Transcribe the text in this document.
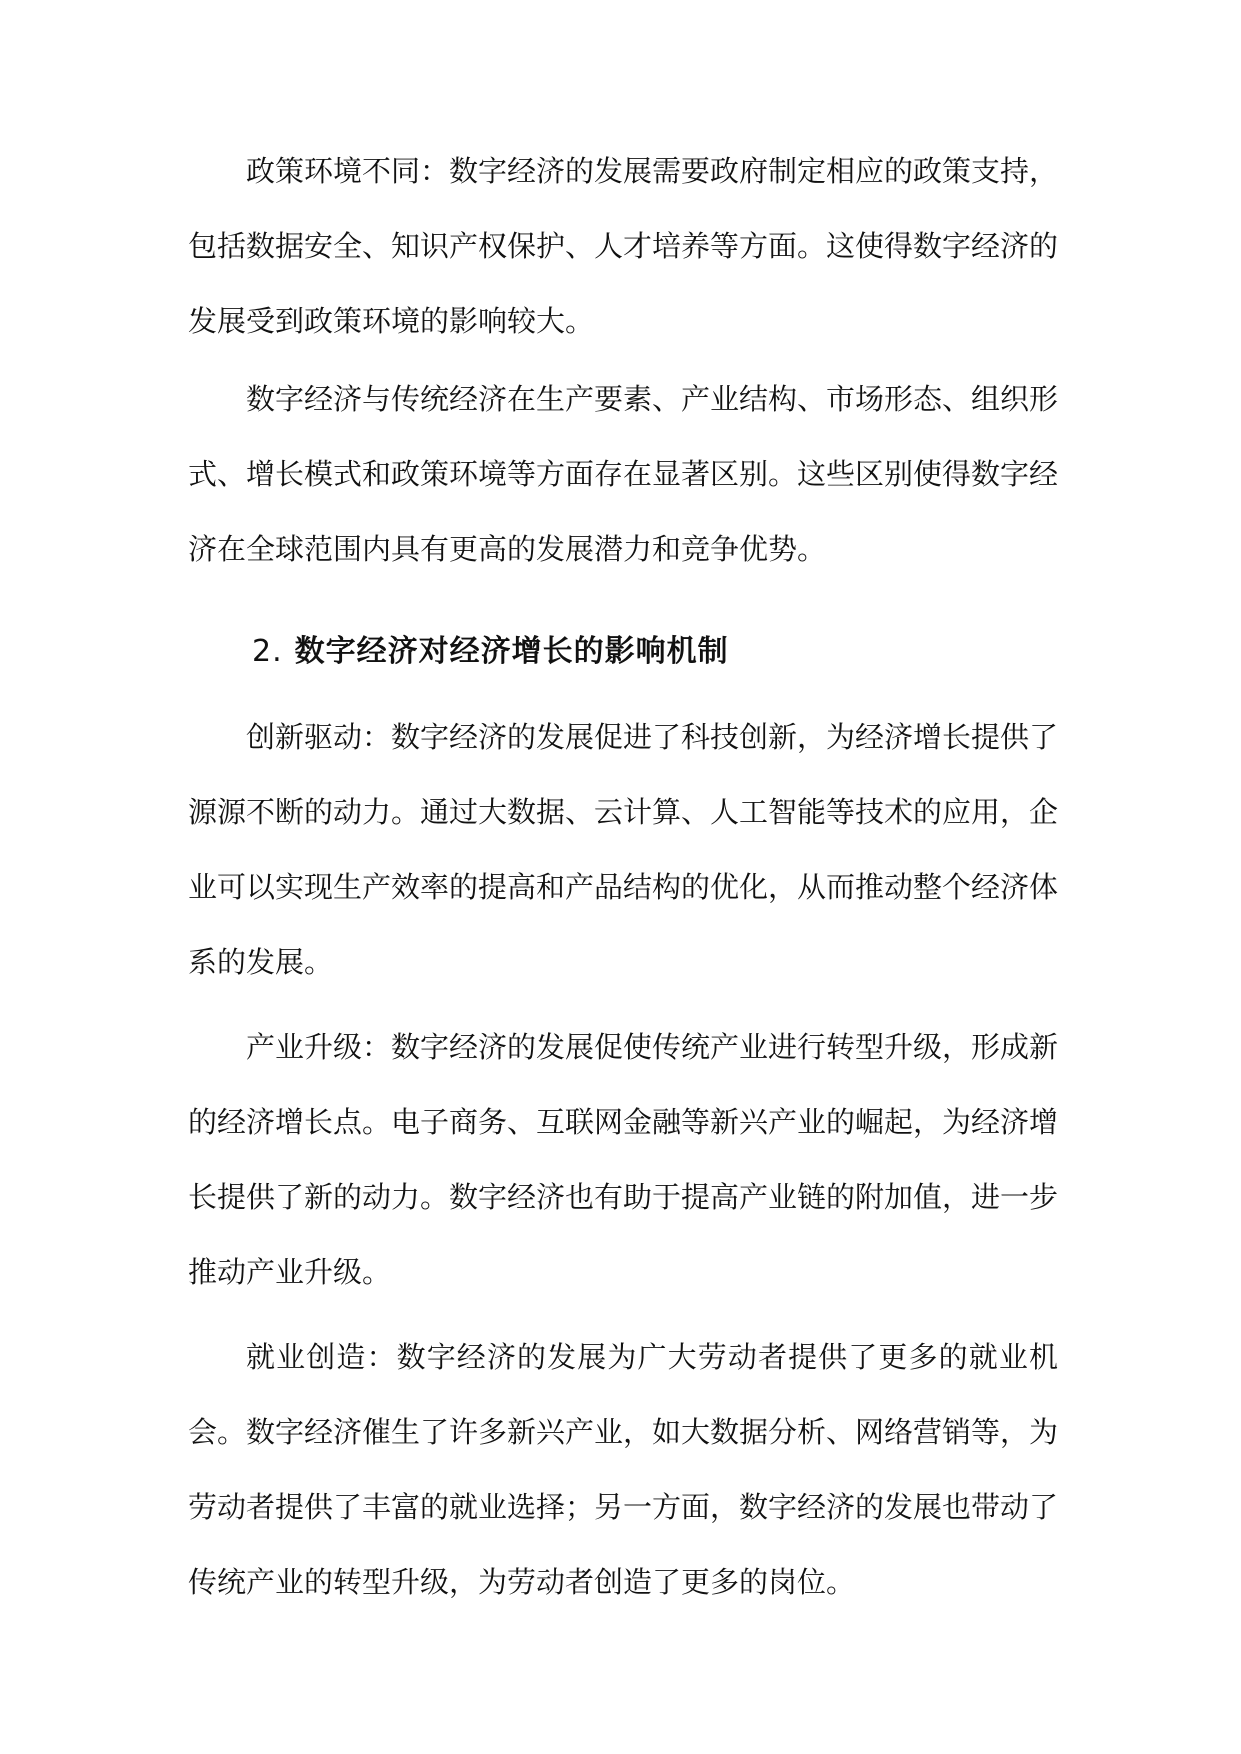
政策环境不同：数字经济的发展需要政府制定相应的政策支持，包括数据安全、知识产权保护、人才培养等方面。这使得数字经济的发展受到政策环境的影响较大。

数字经济与传统经济在生产要素、产业结构、市场形态、组织形式、增长模式和政策环境等方面存在显著区别。这些区别使得数字经济在全球范围内具有更高的发展潜力和竞争优势。

2. 数字经济对经济增长的影响机制

创新驱动：数字经济的发展促进了科技创新，为经济增长提供了源源不断的动力。通过大数据、云计算、人工智能等技术的应用，企业可以实现生产效率的提高和产品结构的优化，从而推动整个经济体系的发展。

产业升级：数字经济的发展促使传统产业进行转型升级，形成新的经济增长点。电子商务、互联网金融等新兴产业的崛起，为经济增长提供了新的动力。数字经济也有助于提高产业链的附加值，进一步推动产业升级。

就业创造：数字经济的发展为广大劳动者提供了更多的就业机会。数字经济催生了许多新兴产业，如大数据分析、网络营销等，为劳动者提供了丰富的就业选择；另一方面，数字经济的发展也带动了传统产业的转型升级，为劳动者创造了更多的岗位。
